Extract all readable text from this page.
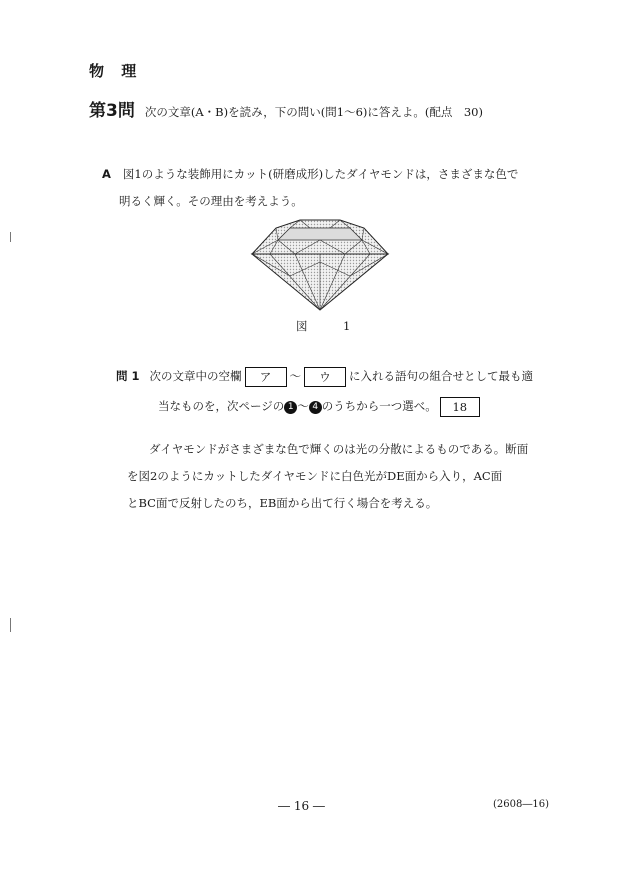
物 理
第3問 次の文章(A・B)を読み，下の問い(問1～6)に答えよ。(配点　30)
A 図1のような装飾用にカット(研磨成形)したダイヤモンドは，さまざまな色で
明るく輝く。その理由を考えよう。
図　1
問 1 次の文章中の空欄 ア ～ ウ に入れる語句の組合せとして最も適
当なものを，次ページの 1 ～ 4 のうちから一つ選べ。 18
ダイヤモンドがさまざまな色で輝くのは光の分散によるものである。断面
を図2のようにカットしたダイヤモンドに白色光がDE面から入り，AC面
とBC面で反射したのち，EB面から出て行く場合を考える。
― 16 ―	(2608―16)
